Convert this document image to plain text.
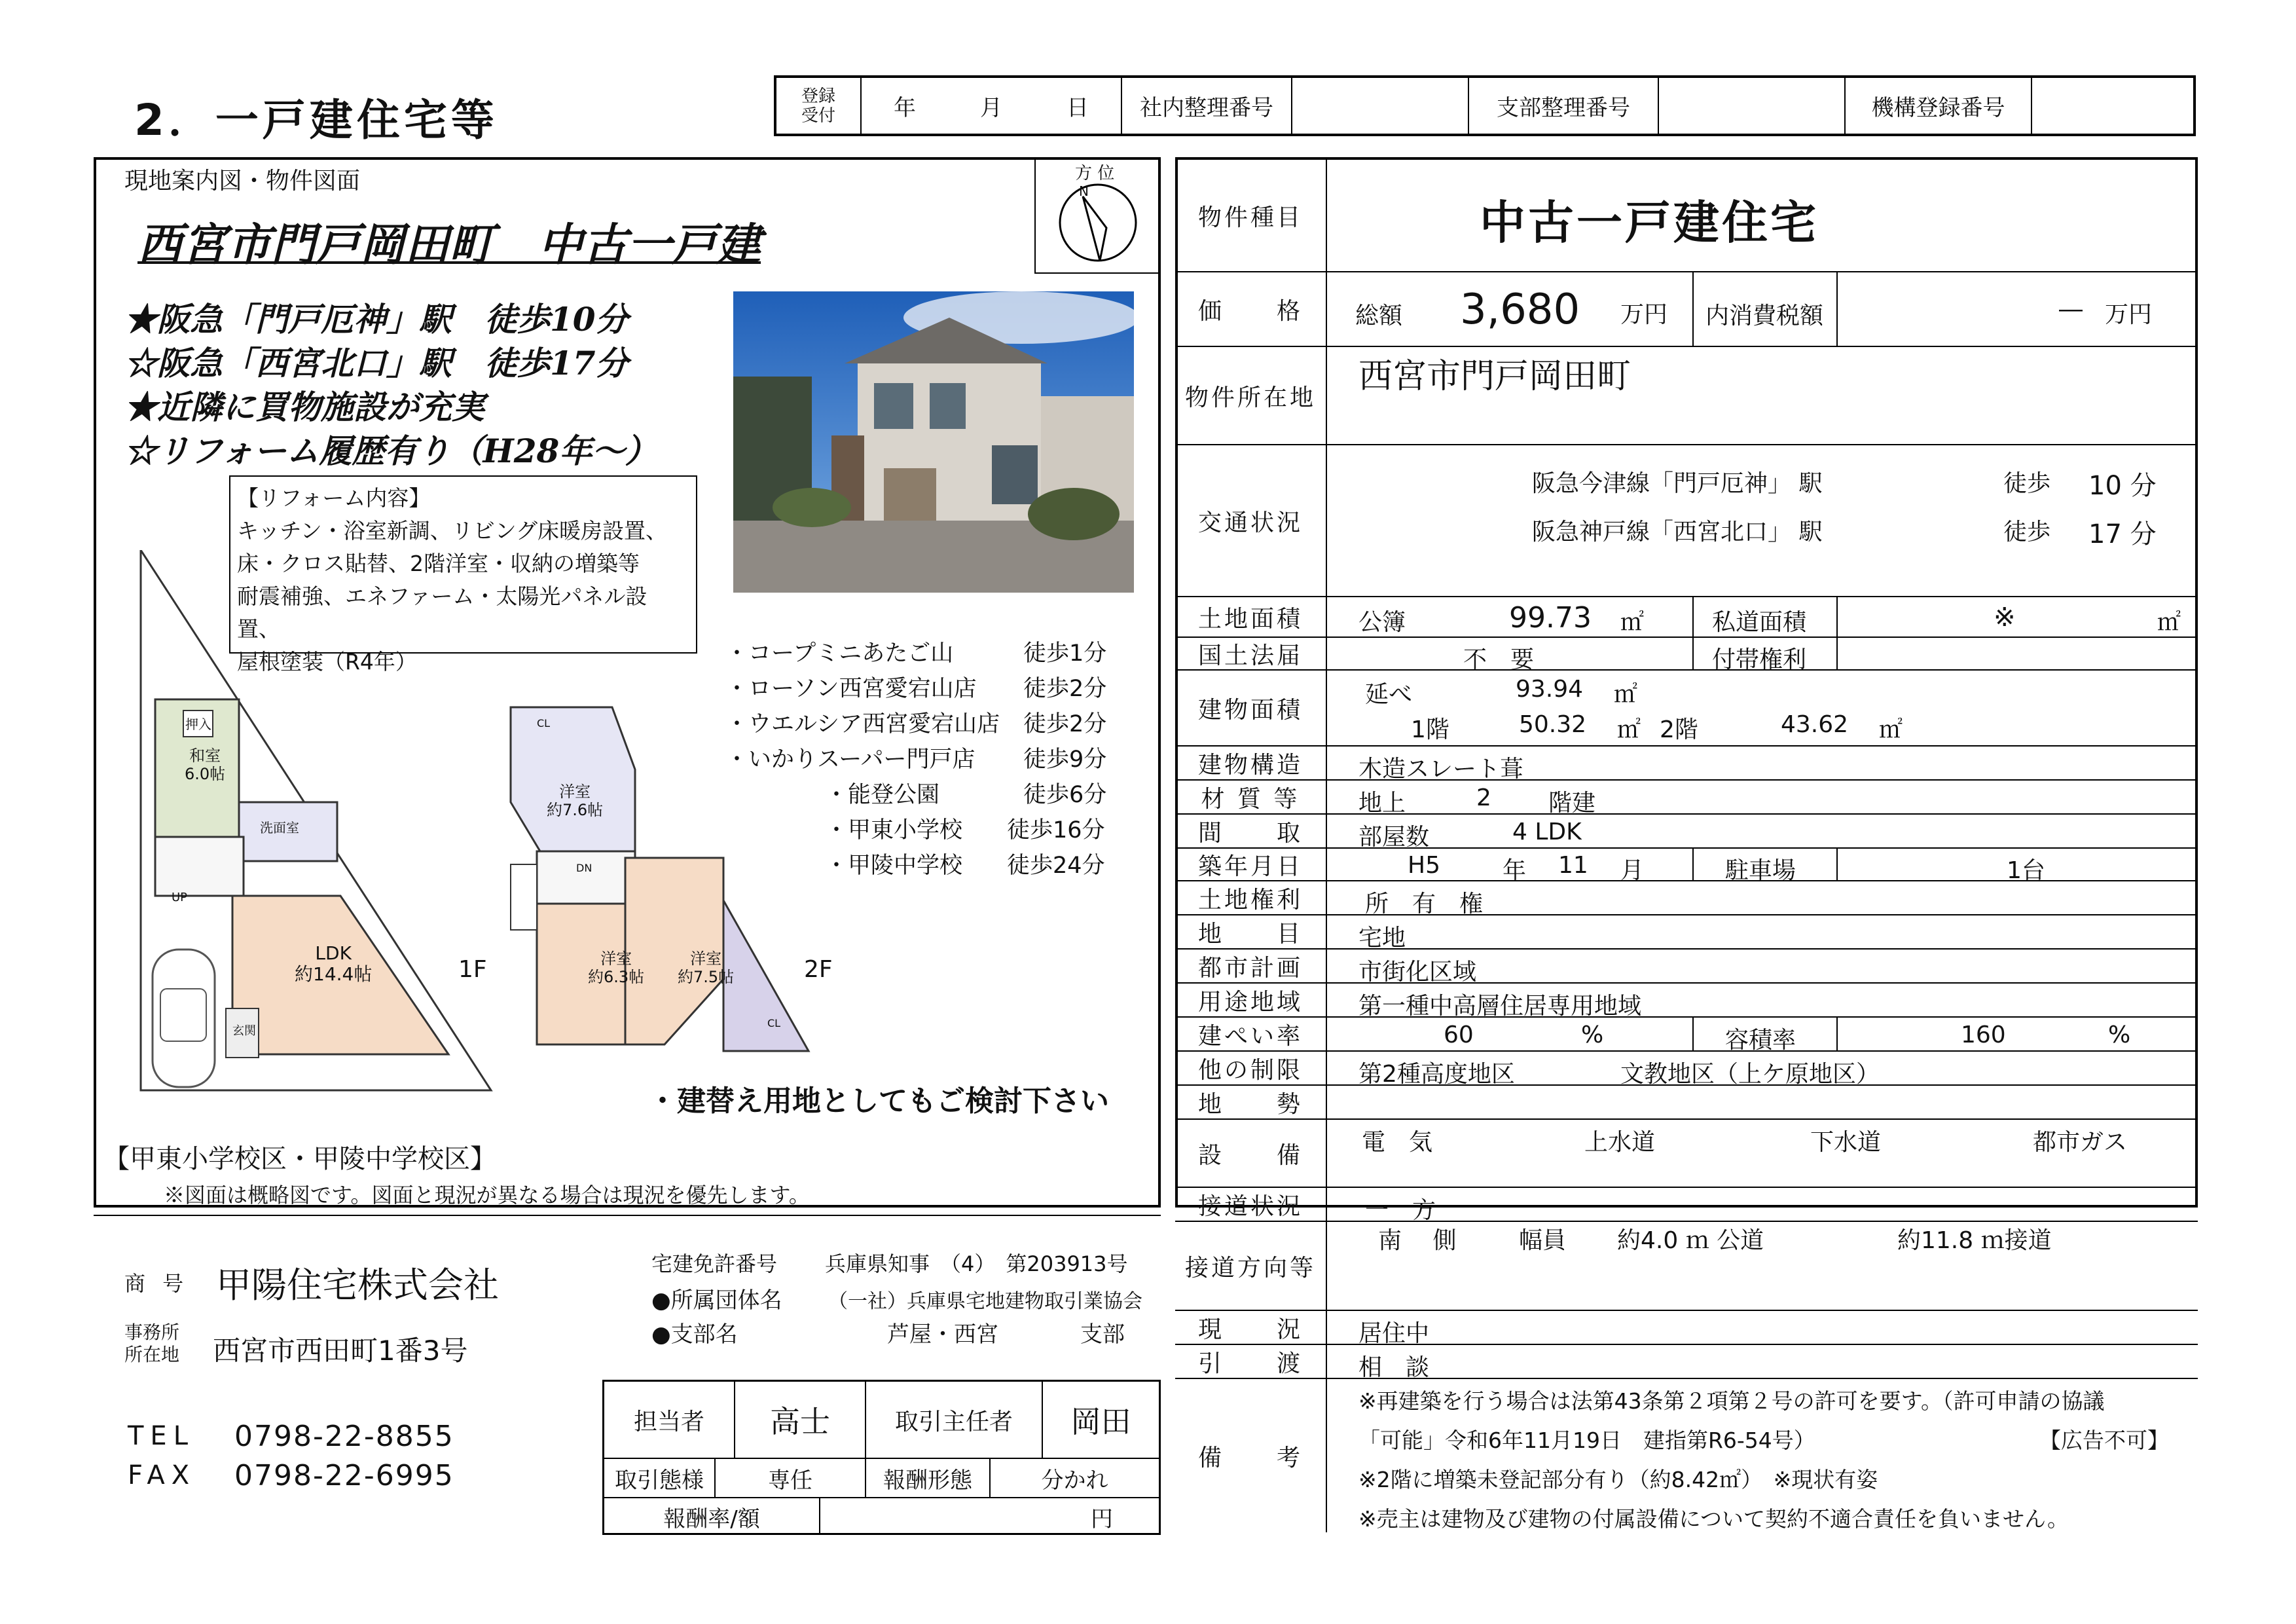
2．一戸建住宅等	登録
受付	年	月	日	社内整理番号	支部整理番号	機構登録番号
現地案内図・物件図面	方 位
N
西宮市門戸岡田町　中古一戸建
★阪急「門戸厄神」駅　徒歩10分
☆阪急「西宮北口」駅　徒歩17分
★近隣に買物施設が充実
☆リフォーム履歴有り（H28年～）
【リフォーム内容】
キッチン・浴室新調、リビング床暖房設置、
床・クロス貼替、2階洋室・収納の増築等
耐震補強、エネファーム・太陽光パネル設置、
屋根塗装（R4年）	・コープミニあたご山	徒歩1分
・ローソン西宮愛宕山店 徒歩2分
・ウエルシア西宮愛宕山店 徒歩2分
・いかりスーパー門戸店 徒歩9分
・能登公園	徒歩6分
・甲東小学校 徒歩16分
・甲陵中学校 徒歩24分
和室
6.0帖
押入
洗面室
UP
LDK
約14.4帖
玄関
1F
洋室
約7.6帖
洋室
約6.3帖
洋室
約7.5帖
CL
CL
DN
2F
・建替え用地としてもご検討下さい
【甲東小学校区・甲陵中学校区】
※図面は概略図です。図面と現況が異なる場合は現況を優先します。
商 号 甲陽住宅株式会社
事務所
所在地 西宮市西田町1番3号
TEL 0798-22-8855
FAX 0798-22-6995
宅建免許番号 兵庫県知事　（4）　第203913号
●所属団体名 （一社）兵庫県宅地建物取引業協会
●支部名	芦屋・西宮	支部
担当者	高士	取引主任者	岡田
取引態様	専任	報酬形態	分かれ
報酬率/額	円
物件種目	中古一戸建住宅
価　　格	総額 3,680 万円 内消費税額	― 万円
物件所在地
西宮市門戸岡田町
交通状況
阪急今津線「門戸厄神」 駅	徒歩 10 分
阪急神戸線「西宮北口」 駅	徒歩 17 分
土地面積	公簿	99.73 ㎡	私道面積	※	㎡
国土法届	不　要	付帯権利
建物面積
延べ	93.94 ㎡
1階	50.32 ㎡ 2階	43.62 ㎡
建物構造	木造スレート葺
材 質 等	地上	2 階建
間　　取	部屋数	4 LDK
築年月日	H5	年 11 月	駐車場	1台
土地権利	所　有　権
地　　目	宅地
都市計画	市街化区域
用途地域	第一種中高層住居専用地域
建ぺい率	60	%	容積率	160	%
他の制限	第2種高度地区	文教地区（上ケ原地区）
地　　勢
設　　備	電　気	上水道	下水道	都市ガス
接道状況	一　方
接道方向等
南　 側	幅員 約4.0 ｍ 公道	約11.8 ｍ接道
現　　況	居住中
引　　渡	相　談
備　　考
※再建築を行う場合は法第43条第２項第２号の許可を要す。（許可申請の協議
「可能」令和6年11月19日　建指第R6-54号）	【広告不可】
※2階に増築未登記部分有り（約8.42㎡）　※現状有姿
※売主は建物及び建物の付属設備について契約不適合責任を負いません。
